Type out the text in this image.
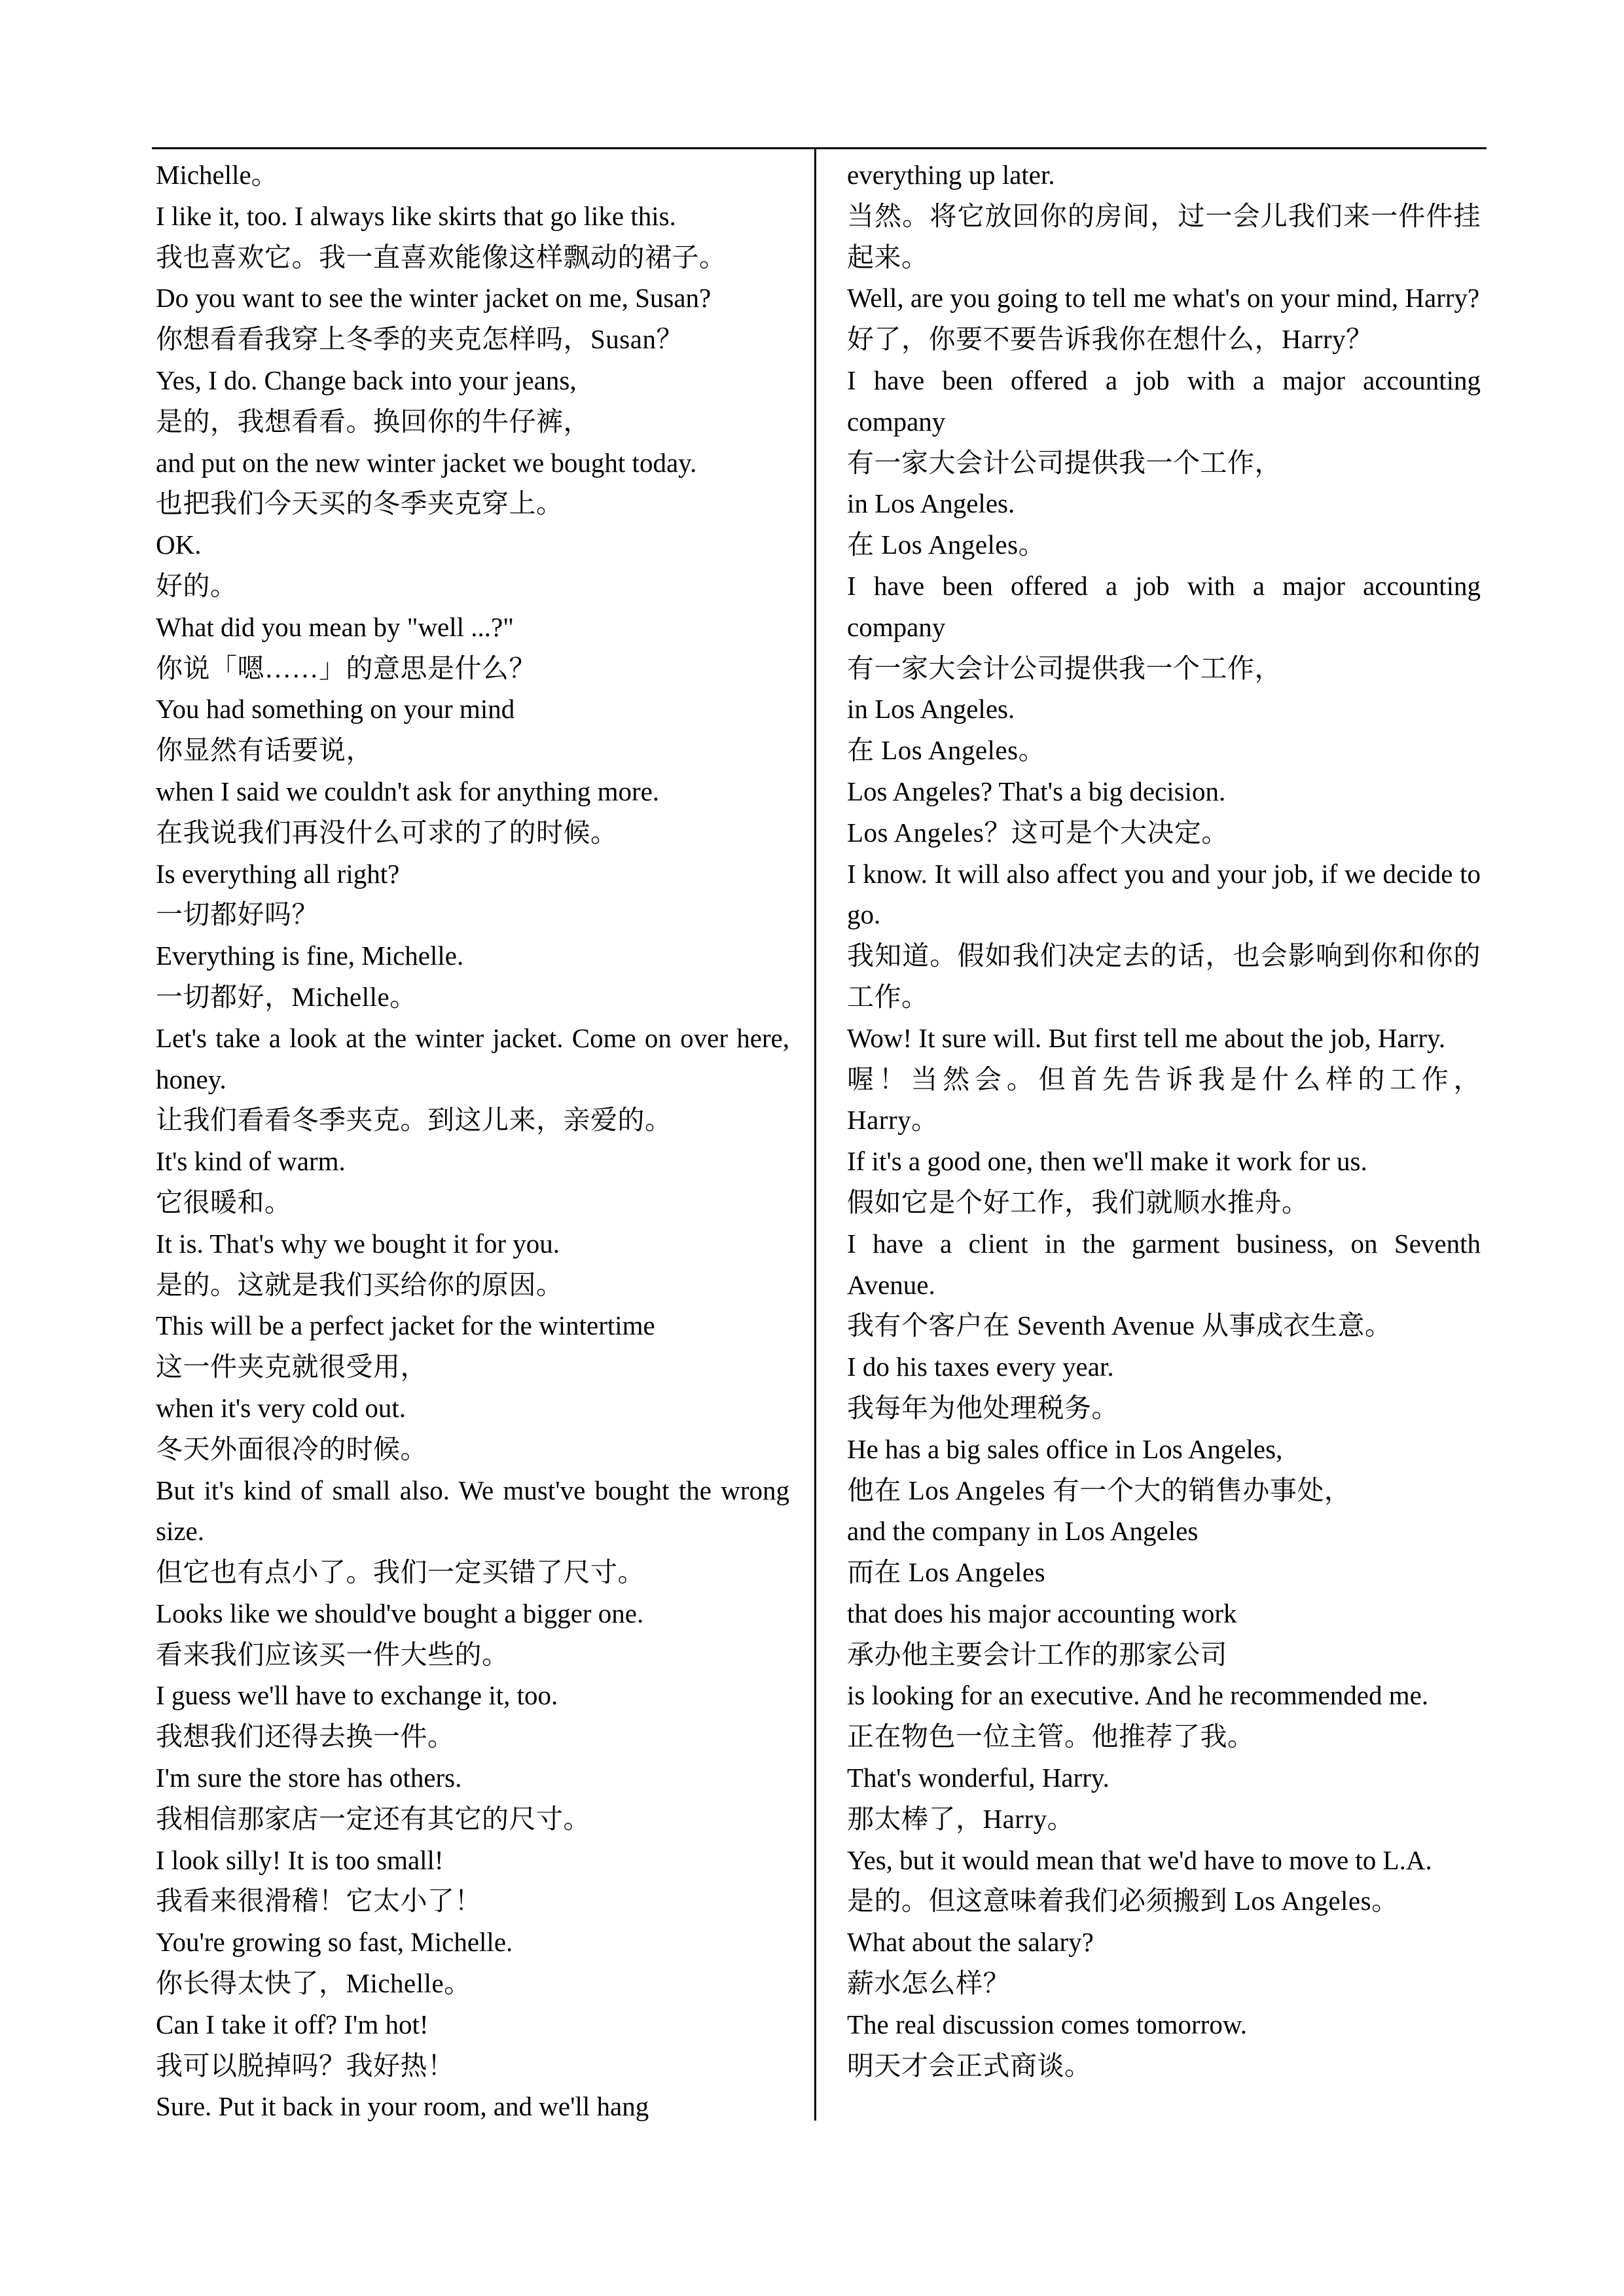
Michelle。
I like it, too. I always like skirts that go like this.
我也喜欢它。我一直喜欢能像这样飘动的裙子。
Do you want to see the winter jacket on me, Susan?
你想看看我穿上冬季的夹克怎样吗，Susan？
Yes, I do. Change back into your jeans,
是的，我想看看。换回你的牛仔裤，
and put on the new winter jacket we bought today.
也把我们今天买的冬季夹克穿上。
OK.
好的。
What did you mean by "well ...?"
你说「嗯……」的意思是什么？
You had something on your mind
你显然有话要说，
when I said we couldn't ask for anything more.
在我说我们再没什么可求的了的时候。
Is everything all right?
一切都好吗？
Everything is fine, Michelle.
一切都好，Michelle。
Let's take a look at the winter jacket. Come on over here, honey.
让我们看看冬季夹克。到这儿来，亲爱的。
It's kind of warm.
它很暖和。
It is. That's why we bought it for you.
是的。这就是我们买给你的原因。
This will be a perfect jacket for the wintertime
这一件夹克就很受用，
when it's very cold out.
冬天外面很冷的时候。
But it's kind of small also. We must've bought the wrong size.
但它也有点小了。我们一定买错了尺寸。
Looks like we should've bought a bigger one.
看来我们应该买一件大些的。
I guess we'll have to exchange it, too.
我想我们还得去换一件。
I'm sure the store has others.
我相信那家店一定还有其它的尺寸。
I look silly! It is too small!
我看来很滑稽！它太小了！
You're growing so fast, Michelle.
你长得太快了，Michelle。
Can I take it off? I'm hot!
我可以脱掉吗？我好热！
Sure. Put it back in your room, and we'll hang
everything up later.
当然。将它放回你的房间，过一会儿我们来一件件挂起来。
Well, are you going to tell me what's on your mind, Harry?
好了，你要不要告诉我你在想什么，Harry？
I have been offered a job with a major accounting company
有一家大会计公司提供我一个工作，
in Los Angeles.
在 Los Angeles。
I have been offered a job with a major accounting company
有一家大会计公司提供我一个工作，
in Los Angeles.
在 Los Angeles。
Los Angeles? That's a big decision.
Los Angeles？这可是个大决定。
I know. It will also affect you and your job, if we decide to go.
我知道。假如我们决定去的话，也会影响到你和你的工作。
Wow! It sure will. But first tell me about the job, Harry.
喔！当然会。但首先告诉我是什么样的工作，Harry。
If it's a good one, then we'll make it work for us.
假如它是个好工作，我们就顺水推舟。
I have a client in the garment business, on Seventh Avenue.
我有个客户在 Seventh Avenue 从事成衣生意。
I do his taxes every year.
我每年为他处理税务。
He has a big sales office in Los Angeles,
他在 Los Angeles 有一个大的销售办事处，
and the company in Los Angeles
而在 Los Angeles
that does his major accounting work
承办他主要会计工作的那家公司
is looking for an executive. And he recommended me.
正在物色一位主管。他推荐了我。
That's wonderful, Harry.
那太棒了，Harry。
Yes, but it would mean that we'd have to move to L.A.
是的。但这意味着我们必须搬到 Los Angeles。
What about the salary?
薪水怎么样？
The real discussion comes tomorrow.
明天才会正式商谈。
